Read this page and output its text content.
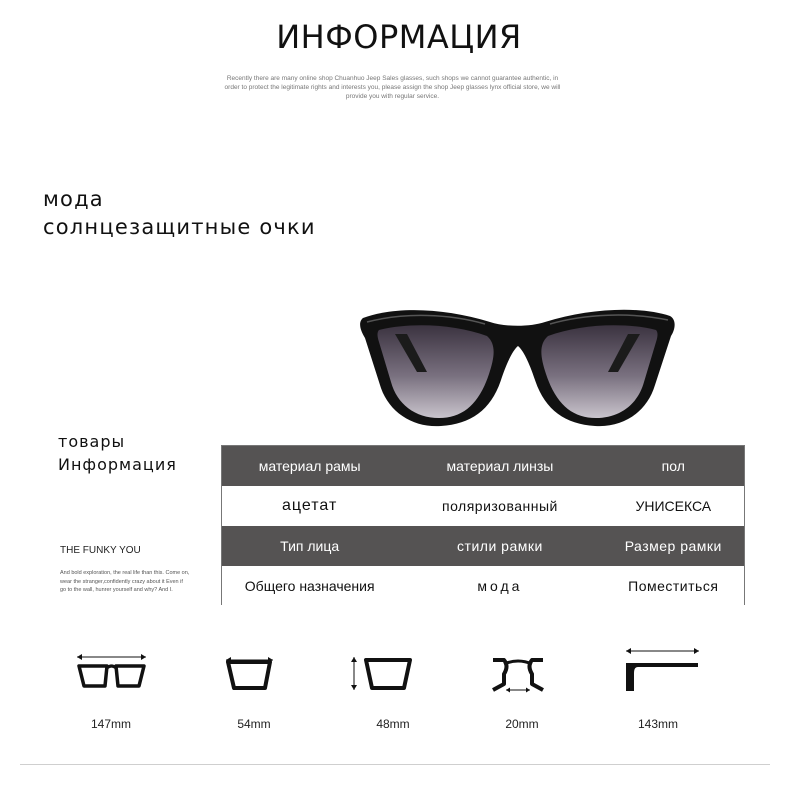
ИНФОРМАЦИЯ
Recently there are many online shop Chuanhuo Jeep Sales glasses, such shops we cannot guarantee authentic, in order to protect the legitimate rights and interests you, please assign the shop Jeep glasses lynx official store, we will provide you with regular service.
мода
солнцезащитные очки
товары
Информация
THE FUNKY YOU
And bold exploration, the real life than this. Come on, wear the stranger,confidently crazy about it Even if go to the wall, hunrer yourself and why? And I.
материал рамы	материал линзы	пол
ацетат	поляризованный	УНИСЕКСА
Тип лица	стили рамки	Размер рамки
Общего назначения	мода	Поместиться
147mm	54mm	48mm	20mm	143mm
